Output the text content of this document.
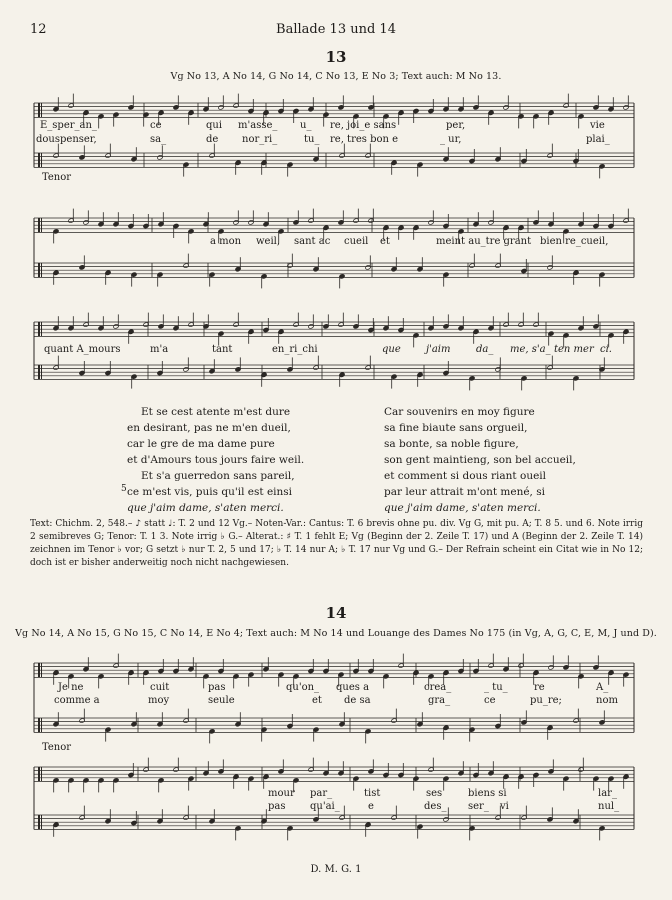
12	Ballade 13 und 14
13
Vg No 13, A No 14, G No 14, C No 13, E No 3; Text auch: M No 13.
E_sper_an_	ce	qui m'asse_ u_ re, joi_e sans	per,	vie
douspenser,	sa_	de nor_ri_	tu_ re, tres bon e	_ ur,	plai_
Tenor
a mon weil, sant ac cueil et	meint au_tre grant bien re_cueil,
quant A_mours	m'a	tant	en_ri_chi	que	j'aim	da_ me, s'a_ ten mer ci.
Et se cest atente m'est dure
en desirant, pas ne m'en dueil,
car le gre de ma dame pure
et d'Amours tous jours faire weil.
Et s'a guerredon sans pareil,
ce m'est vis, puis qu'il est einsi
que j'aim dame, s'aten merci.
5
Car souvenirs en moy figure
sa fine biaute sans orgueil,
sa bonte, sa noble figure,
son gent maintieng, son bel accueil,
et comment si dous riant oueil
par leur attrait m'ont mené, si
que j'aim dame, s'aten merci.
Text: Chichm. 2, 548.– ♪ statt ♩: T. 2 und 12 Vg.– Noten-Var.: Cantus: T. 6 brevis ohne pu. div. Vg G, mit pu. A; T. 8 5. und 6. Note irrig 2 semibreves G; Tenor: T. 1 3. Note irrig ♭ G.– Alterat.: ♯ T. 1 fehlt E; Vg (Beginn der 2. Zeile T. 17) und A (Beginn der 2. Zeile T. 14) zeichnen im Tenor ♭ vor; G setzt ♭ nur T. 2, 5 und 17; ♭ T. 14 nur A; ♭ T. 17 nur Vg und G.– Der Refrain scheint ein Citat wie in No 12; doch ist er bisher anderweitig noch nicht nachgewiesen.
14
Vg No 14, A No 15, G No 15, C No 14, E No 4; Text auch: M No 14 und Louange des Dames No 175 (in Vg, A, G, C, E, M, J und D).
Je ne	cuit	pas	qu'on_ ques a	crea_	_ tu_	re	A_
comme a	moy	seule	et de sa	gra_	ce	pu_re;	nom
Tenor
mour par_	tist	ses	biens si	lar_
pas qu'ai_	e	des_ ser_ vi	nul_
D. M. G. 1
